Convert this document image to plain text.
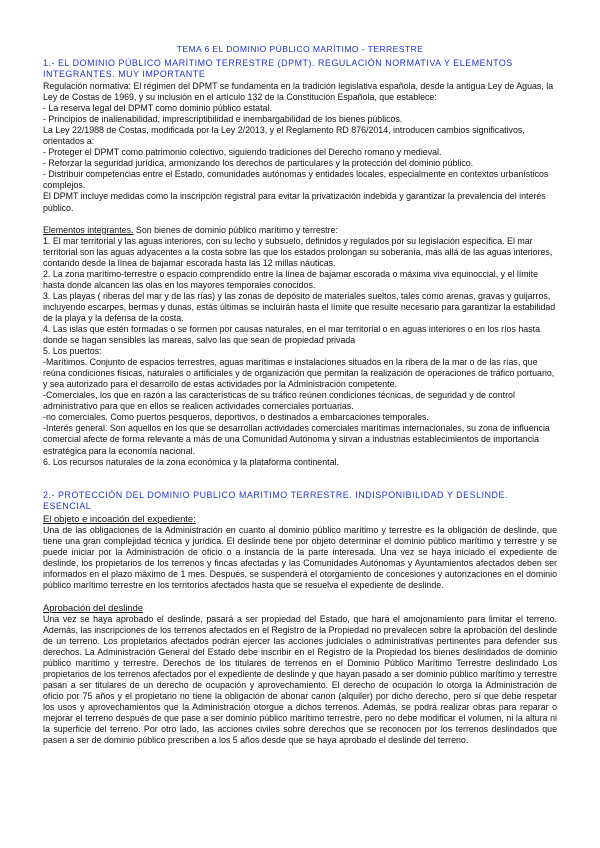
TEMA 6 EL DOMINIO PÚBLICO MARÍTIMO - TERRESTRE

1.- EL DOMINIO PÚBLICO MARÍTIMO TERRESTRE (DPMT). REGULACIÓN NORMATIVA Y ELEMENTOS INTEGRANTES. MUY IMPORTANTE

Regulación normativa: El régimen del DPMT se fundamenta en la tradición legislativa española, desde la antigua Ley de Aguas, la Ley de Costas de 1969, y su inclusión en el artículo 132 de la Constitución Española, que establece:

- La reserva legal del DPMT como dominio público estatal.

- Principios de inalienabilidad, imprescriptibilidad e inembargabilidad de los bienes públicos.

La Ley 22/1988 de Costas, modificada por la Ley 2/2013, y el Reglamento RD 876/2014, introducen cambios significativos, orientados a:

- Proteger el DPMT como patrimonio colectivo, siguiendo tradiciones del Derecho romano y medieval.

- Reforzar la seguridad jurídica, armonizando los derechos de particulares y la protección del dominio público.

- Distribuir competencias entre el Estado, comunidades autónomas y entidades locales, especialmente en contextos urbanísticos complejos.

El DPMT incluye medidas como la inscripción registral para evitar la privatización indebida y garantizar la prevalencia del interés público.

Elementos integrantes. Son bienes de dominio público marítimo y terrestre:

1. El mar territorial y las aguas interiores, con su lecho y subsuelo, definidos y regulados por su legislación específica. El mar territorial son las aguas adyacentes a la costa sobre las que los estados prolongan su soberanía, más allá de las aguas interiores, contando desde la línea de bajamar escorada hasta las 12 millas náuticas.

2. La zona marítimo-terrestre o espacio comprendido entre la línea de bajamar escorada o máxima viva equinoccial, y el límite hasta donde alcancen las olas en los mayores temporales conocidos.

3. Las playas ( riberas del mar y de las rías) y las zonas de depósito de materiales sueltos, tales como arenas, gravas y guijarros, incluyendo escarpes, bermas y dunas, estás últimas se incluirán hasta el límite que resulte necesario para garantizar la estabilidad de la playa y la defensa de la costa.

4. Las islas que estén formadas o se formen por causas naturales, en el mar territorial o en aguas interiores o en los ríos hasta donde se hagan sensibles las mareas, salvo las que sean de propiedad privada

5. Los puertos:

-Marítimos. Conjunto de espacios terrestres, aguas marítimas e instalaciones situados en la ribera de la mar o de las rías, que reúna condiciones físicas, naturales o artificiales y de organización que permitan la realización de operaciones de tráfico portuario, y sea autorizado para el desarrollo de estas actividades por la Administración competente.

-Comerciales, los que en razón a las características de su tráfico reúnen condiciones técnicas, de seguridad y de control administrativo para que en ellos se realicen actividades comerciales portuarias.

-no comerciales. Como puertos pesqueros, deportivos, o destinados a embarcaciones temporales.

-Interés general. Son aquellos en los que se desarrollan actividades comerciales marítimas internacionales, su zona de influencia comercial afecte de forma relevante a más de una Comunidad Autónoma y sirvan a industrias establecimientos de importancia estratégica para la economía nacional.

6. Los recursos naturales de la zona económica y la plataforma continental.

2.- PROTECCIÓN DEL DOMINIO PUBLICO MARITIMO TERRESTRE. INDISPONIBILIDAD Y DESLINDE. ESENCIAL

El objeto e incoación del expediente:

Una de las obligaciones de la Administración en cuanto al dominio público marítimo y terrestre es la obligación de deslinde, que tiene una gran complejidad técnica y jurídica. El deslinde tiene por objeto determinar el dominio público marítimo y terrestre y se puede iniciar por la Administración de oficio o a instancia de la parte interesada. Una vez se haya iniciado el expediente de deslinde, los propietarios de los terrenos y fincas afectadas y las Comunidades Autónomas y Ayuntamientos afectados deben ser informados en el plazo máximo de 1 mes. Después, se suspenderá el otorgamiento de concesiones y autorizaciones en el dominio público marítimo terrestre en los territorios afectados hasta que se resuelva el expediente de deslinde.

Aprobación del deslinde

Una vez se haya aprobado el deslinde, pasará a ser propiedad del Estado, que hará el amojonamiento para limitar el terreno. Además, las inscripciones de los terrenos afectados en el Registro de la Propiedad no prevalecen sobre la aprobación del deslinde de un terreno. Los propietarios afectados podrán ejercer las acciones judiciales o administrativas pertinentes para defender sus derechos. La Administración General del Estado debe inscribir en el Registro de la Propiedad los bienes deslindados de dominio público marítimo y terrestre. Derechos de los titulares de terrenos en el Dominio Público Marítimo Terrestre deslindado Los propietarios de los terrenos afectados por el expediente de deslinde y que hayan pasado a ser dominio público marítimo y terrestre pasan a ser titulares de un derecho de ocupación y aprovechamiento. El derecho de ocupación lo otorga la Administración de oficio por 75 años y el propietario no tiene la obligación de abonar canon (alquiler) por dicho derecho, pero sí que debe respetar los usos y aprovechamientos que la Administración otorgue a dichos terrenos. Además, se podrá realizar obras para reparar o mejorar el terreno después de que pase a ser dominio público marítimo terrestre, pero no debe modificar el volumen, ni la altura ni la superficie del terreno. Por otro lado, las acciones civiles sobre derechos que se reconocen por los terrenos deslindados que pasen a ser de dominio público prescriben a los 5 años desde que se haya aprobado el deslinde del terreno.
